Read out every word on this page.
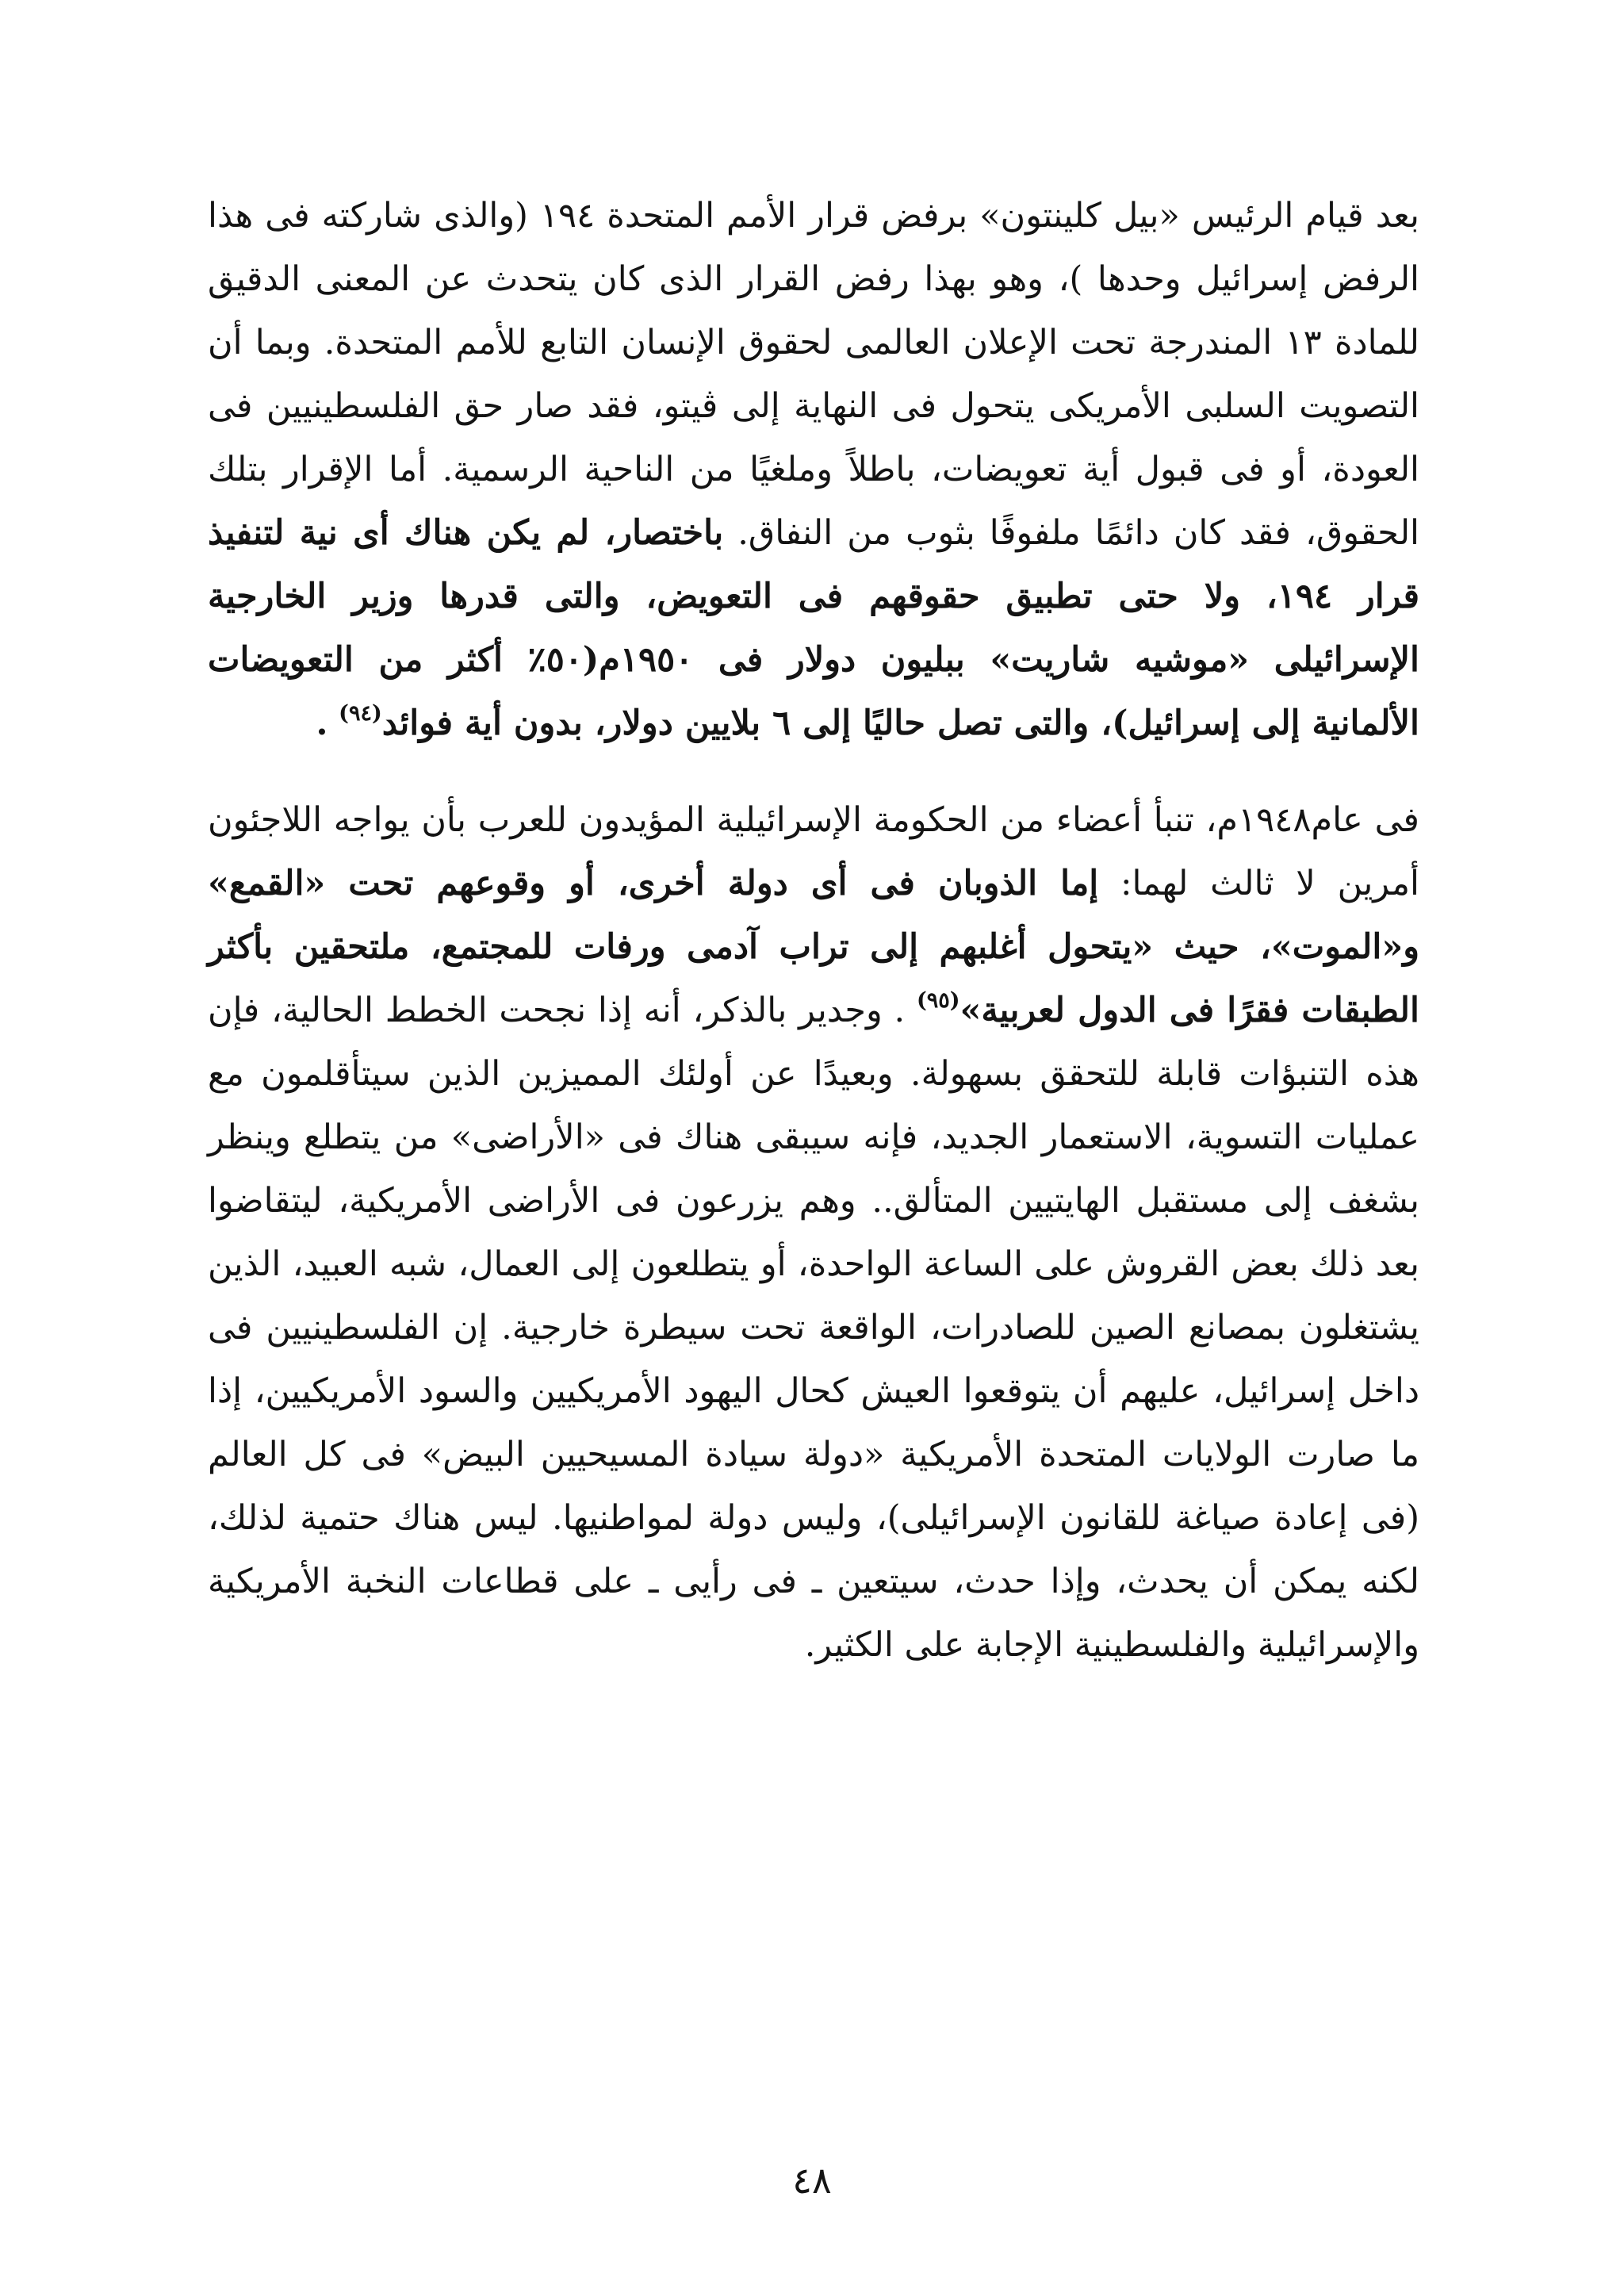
بعد قيام الرئيس «بيل كلينتون» برفض قرار الأمم المتحدة ١٩٤ (والذى شاركته فى هذا الرفض إسرائيل وحدها )، وهو بهذا رفض القرار الذى كان يتحدث عن المعنى الدقيق للمادة ١٣ المندرجة تحت الإعلان العالمى لحقوق الإنسان التابع للأمم المتحدة. وبما أن التصويت السلبى الأمريكى يتحول فى النهاية إلى ڤيتو، فقد صار حق الفلسطينيين فى العودة، أو فى قبول أية تعويضات، باطلاً وملغيًا من الناحية الرسمية. أما الإقرار بتلك الحقوق، فقد كان دائمًا ملفوفًا بثوب من النفاق. باختصار، لم يكن هناك أى نية لتنفيذ قرار ١٩٤، ولا حتى تطبيق حقوقهم فى التعويض، والتى قدرها وزير الخارجية الإسرائيلى «موشيه شاريت» ببليون دولار فى ١٩٥٠م(٥٠٪ أكثر من التعويضات الألمانية إلى إسرائيل)، والتى تصل حاليًا إلى ٦ بلايين دولار، بدون أية فوائد$^{(٩٤)}$ .

فى عام١٩٤٨م، تنبأ أعضاء من الحكومة الإسرائيلية المؤيدون للعرب بأن يواجه اللاجئون أمرين لا ثالث لهما: إما الذوبان فى أى دولة أخرى، أو وقوعهم تحت «القمع» و«الموت»، حيث «يتحول أغلبهم إلى تراب آدمى ورفات للمجتمع، ملتحقين بأكثر الطبقات فقرًا فى الدول لعربية»$^{(٩٥)}$ . وجدير بالذكر، أنه إذا نجحت الخطط الحالية، فإن هذه التنبؤات قابلة للتحقق بسهولة. وبعيدًا عن أولئك المميزين الذين سيتأقلمون مع عمليات التسوية، الاستعمار الجديد، فإنه سيبقى هناك فى «الأراضى» من يتطلع وينظر بشغف إلى مستقبل الهايتيين المتألق.. وهم يزرعون فى الأراضى الأمريكية، ليتقاضوا بعد ذلك بعض القروش على الساعة الواحدة، أو يتطلعون إلى العمال، شبه العبيد، الذين يشتغلون بمصانع الصين للصادرات، الواقعة تحت سيطرة خارجية. إن الفلسطينيين فى داخل إسرائيل، عليهم أن يتوقعوا العيش كحال اليهود الأمريكيين والسود الأمريكيين، إذا ما صارت الولايات المتحدة الأمريكية «دولة سيادة المسيحيين البيض» فى كل العالم (فى إعادة صياغة للقانون الإسرائيلى)، وليس دولة لمواطنيها. ليس هناك حتمية لذلك، لكنه يمكن أن يحدث، وإذا حدث، سيتعين ـ فى رأيى ـ على قطاعات النخبة الأمريكية والإسرائيلية والفلسطينية الإجابة على الكثير.

٤٨
